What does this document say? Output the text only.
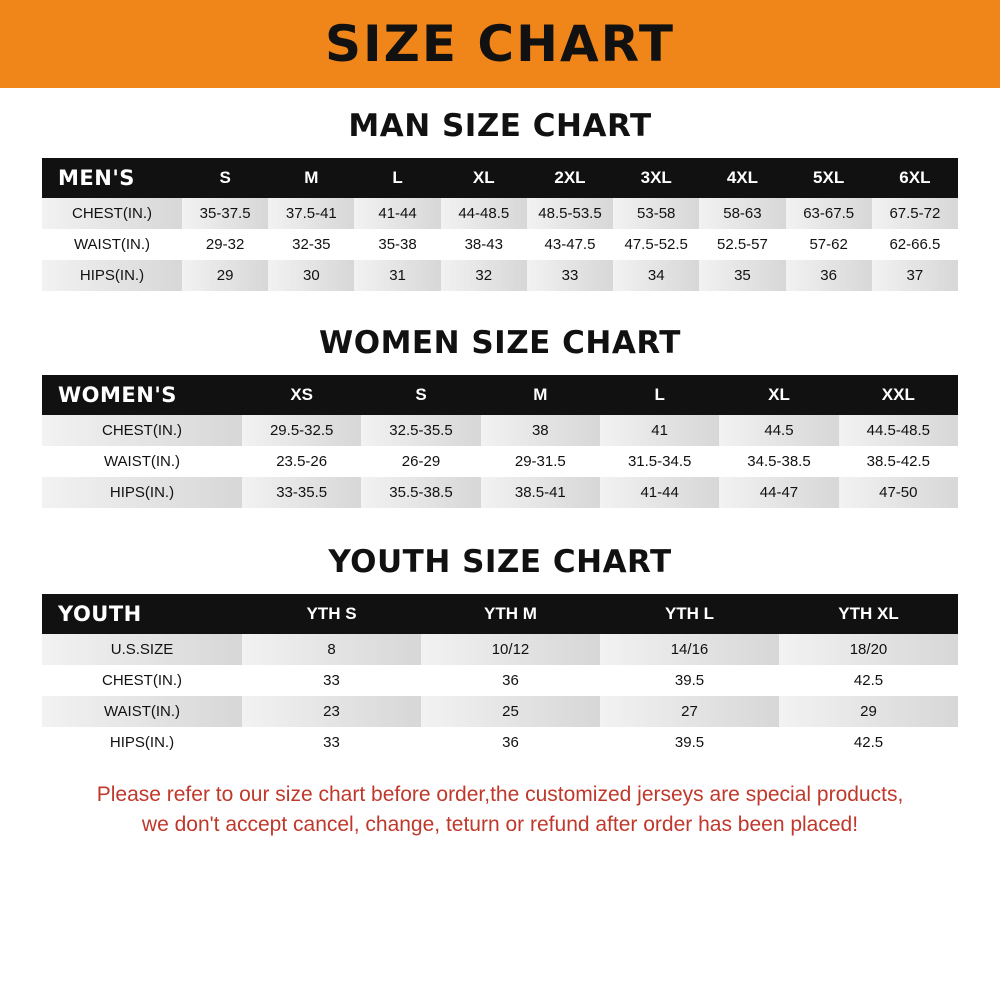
SIZE CHART
MAN SIZE CHART
MEN'S	S	M	L	XL	2XL	3XL	4XL	5XL	6XL
CHEST(IN.)	35-37.5	37.5-41	41-44	44-48.5	48.5-53.5	53-58	58-63	63-67.5	67.5-72
WAIST(IN.)	29-32	32-35	35-38	38-43	43-47.5	47.5-52.5	52.5-57	57-62	62-66.5
HIPS(IN.)	29	30	31	32	33	34	35	36	37
WOMEN SIZE CHART
WOMEN'S	XS	S	M	L	XL	XXL
CHEST(IN.)	29.5-32.5	32.5-35.5	38	41	44.5	44.5-48.5
WAIST(IN.)	23.5-26	26-29	29-31.5	31.5-34.5	34.5-38.5	38.5-42.5
HIPS(IN.)	33-35.5	35.5-38.5	38.5-41	41-44	44-47	47-50
YOUTH SIZE CHART
YOUTH	YTH S	YTH M	YTH L	YTH XL
U.S.SIZE	8	10/12	14/16	18/20
CHEST(IN.)	33	36	39.5	42.5
WAIST(IN.)	23	25	27	29
HIPS(IN.)	33	36	39.5	42.5
Please refer to our size chart before order,the customized jerseys are special products,
we don't accept cancel, change, teturn or refund after order has been placed!
